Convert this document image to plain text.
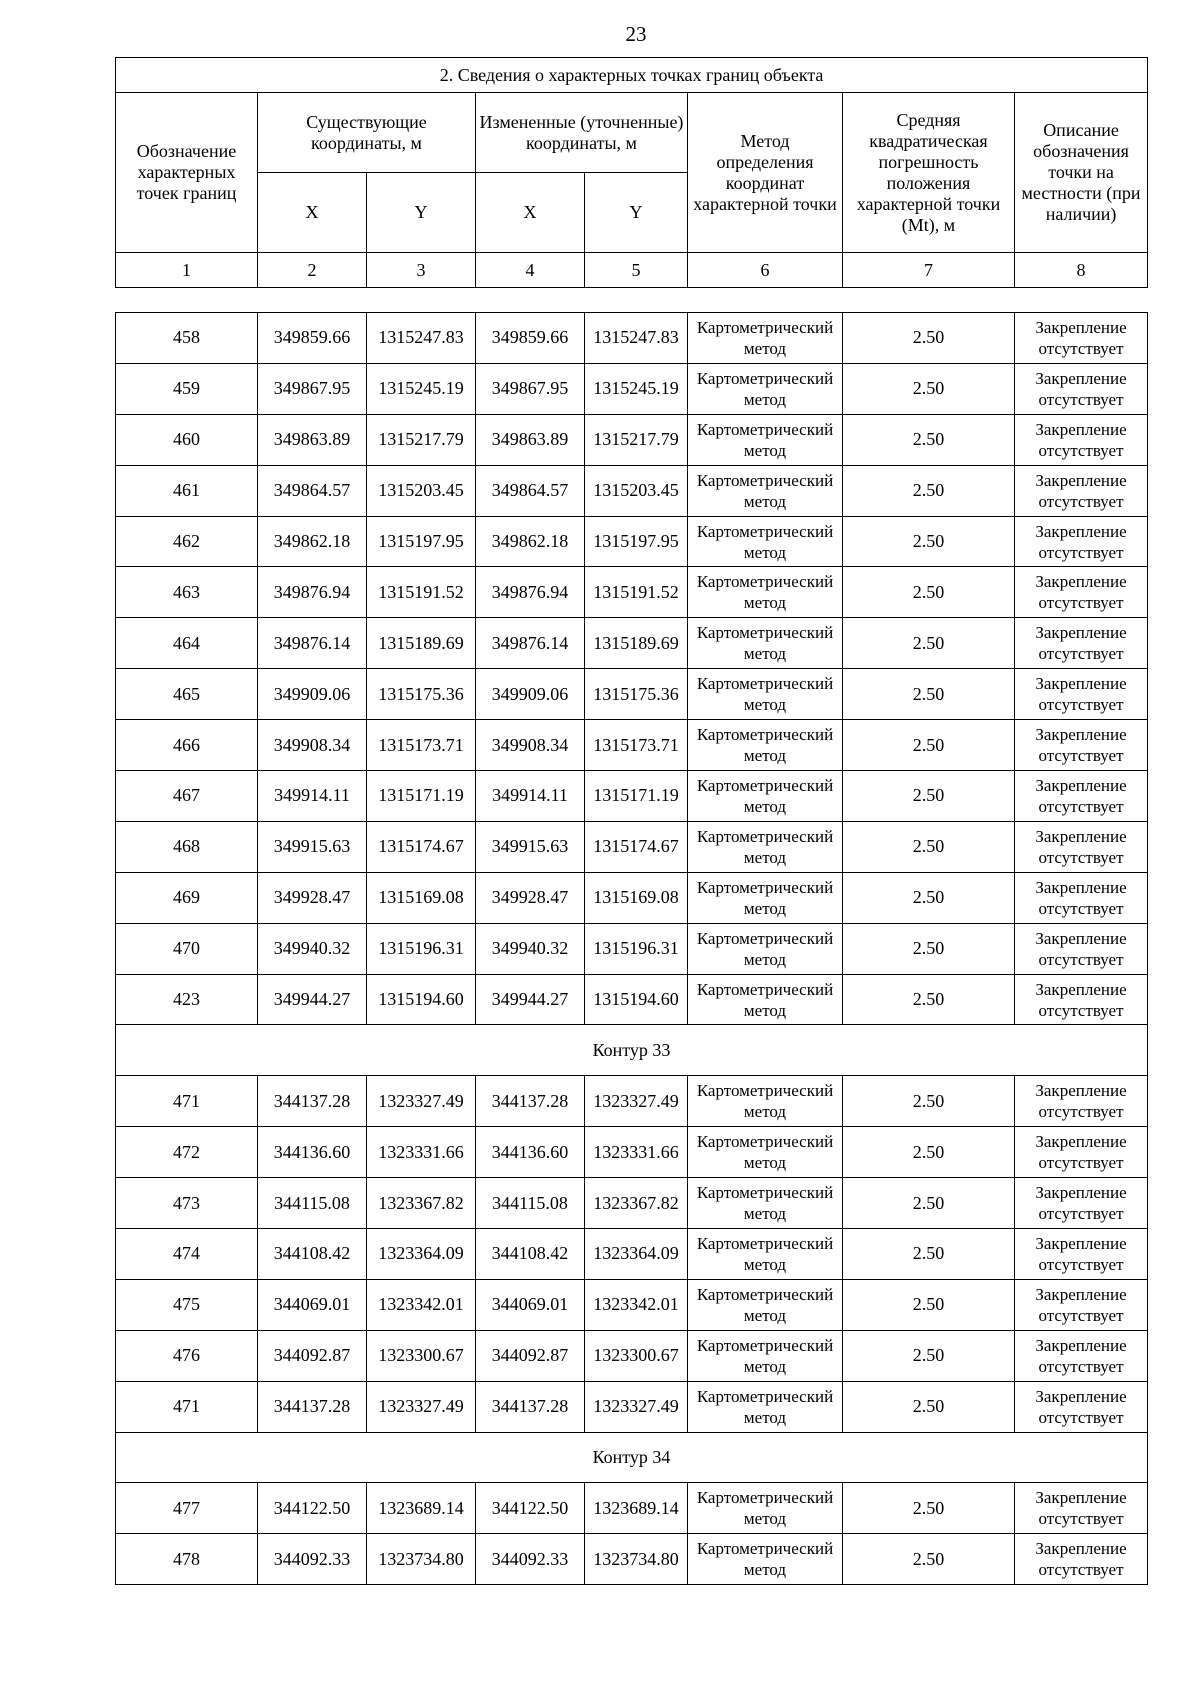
23
2. Сведения о характерных точках границ объекта							
Обозначение характерных точек границ	Существующие координаты, м		Измененные (уточненные) координаты, м		Метод определения координат характерной точки	Средняя квадратическая погрешность положения характерной точки (Mt), м	Описание обозначения точки на местности (при наличии)
	X	Y	X	Y			
1	2	3	4	5	6	7	8
458	349859.66	1315247.83	349859.66	1315247.83	Картометрический метод	2.50	Закрепление отсутствует
459	349867.95	1315245.19	349867.95	1315245.19	Картометрический метод	2.50	Закрепление отсутствует
460	349863.89	1315217.79	349863.89	1315217.79	Картометрический метод	2.50	Закрепление отсутствует
461	349864.57	1315203.45	349864.57	1315203.45	Картометрический метод	2.50	Закрепление отсутствует
462	349862.18	1315197.95	349862.18	1315197.95	Картометрический метод	2.50	Закрепление отсутствует
463	349876.94	1315191.52	349876.94	1315191.52	Картометрический метод	2.50	Закрепление отсутствует
464	349876.14	1315189.69	349876.14	1315189.69	Картометрический метод	2.50	Закрепление отсутствует
465	349909.06	1315175.36	349909.06	1315175.36	Картометрический метод	2.50	Закрепление отсутствует
466	349908.34	1315173.71	349908.34	1315173.71	Картометрический метод	2.50	Закрепление отсутствует
467	349914.11	1315171.19	349914.11	1315171.19	Картометрический метод	2.50	Закрепление отсутствует
468	349915.63	1315174.67	349915.63	1315174.67	Картометрический метод	2.50	Закрепление отсутствует
469	349928.47	1315169.08	349928.47	1315169.08	Картометрический метод	2.50	Закрепление отсутствует
470	349940.32	1315196.31	349940.32	1315196.31	Картометрический метод	2.50	Закрепление отсутствует
423	349944.27	1315194.60	349944.27	1315194.60	Картометрический метод	2.50	Закрепление отсутствует
Контур 33							
471	344137.28	1323327.49	344137.28	1323327.49	Картометрический метод	2.50	Закрепление отсутствует
472	344136.60	1323331.66	344136.60	1323331.66	Картометрический метод	2.50	Закрепление отсутствует
473	344115.08	1323367.82	344115.08	1323367.82	Картометрический метод	2.50	Закрепление отсутствует
474	344108.42	1323364.09	344108.42	1323364.09	Картометрический метод	2.50	Закрепление отсутствует
475	344069.01	1323342.01	344069.01	1323342.01	Картометрический метод	2.50	Закрепление отсутствует
476	344092.87	1323300.67	344092.87	1323300.67	Картометрический метод	2.50	Закрепление отсутствует
471	344137.28	1323327.49	344137.28	1323327.49	Картометрический метод	2.50	Закрепление отсутствует
Контур 34							
477	344122.50	1323689.14	344122.50	1323689.14	Картометрический метод	2.50	Закрепление отсутствует
478	344092.33	1323734.80	344092.33	1323734.80	Картометрический метод	2.50	Закрепление отсутствует
